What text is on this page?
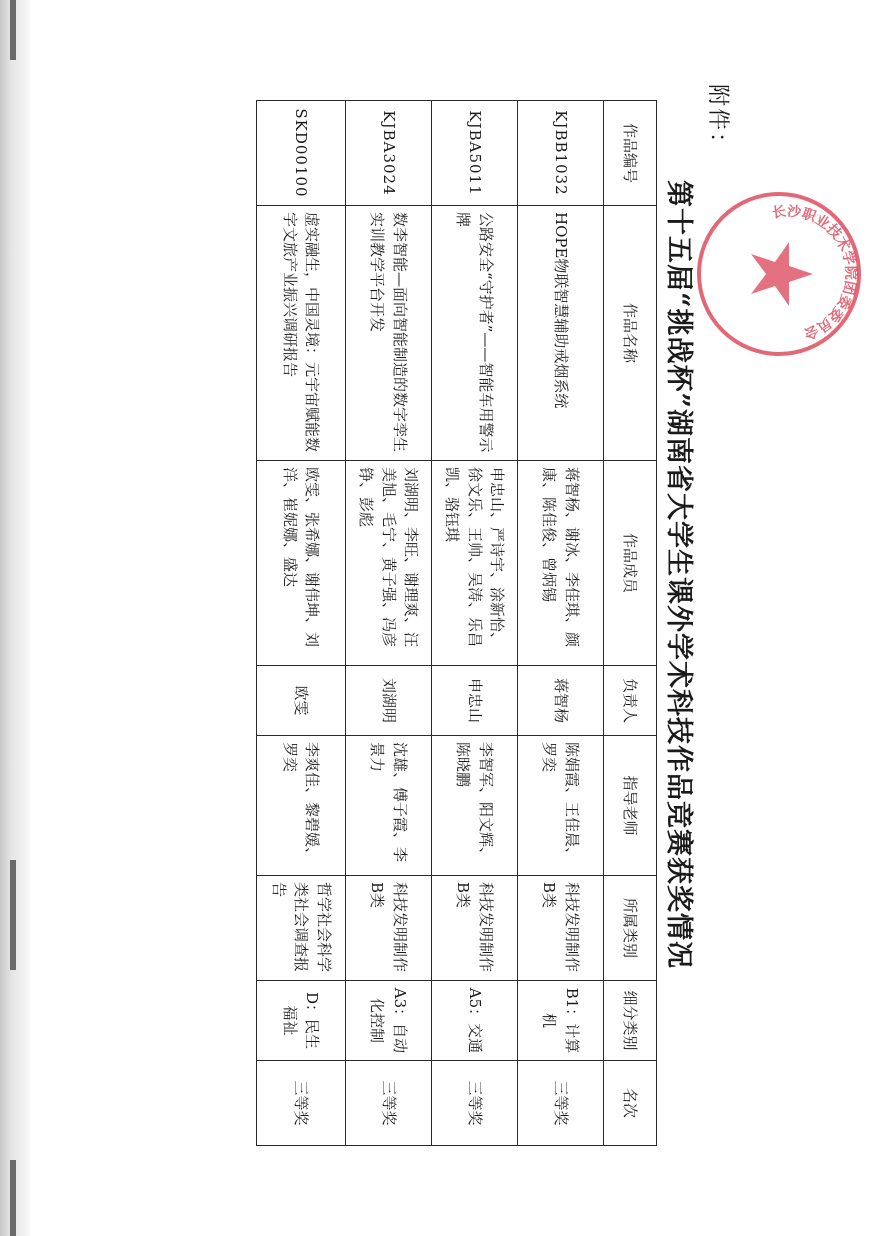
附件：
第十五届“挑战杯”湖南省大学生课外学术科技作品竞赛获奖情况
作品编号	作品名称	作品成员	负责人	指导老师	所属类别	细分类别	名次
KJBB1032	HOPE物联智慧辅助戒烟系统	蒋智杨、谢冰、李佳琪、颜康、陈佳俊、曾炳锡	蒋智杨	陈娟霞、王佳晨、罗奕	科技发明制作B类	B1：计算机	三等奖
KJBA5011	公路安全“守护者”——智能车用警示牌	申忠山、严诗宇、涂新怡、徐文乐、王帅、吴涛、乐昌凯、骆钰琪	申忠山	李智军、阳文辉、陈晓鹏	科技发明制作B类	A5：交通	三等奖
KJBA3024	数李智能—面向智能制造的数字孪生实训教学平台开发	刘湖明、李旺、谢理爽、汪美旭、毛宁、黄子强、冯彦铮、彭彪	刘湖明	沈雄、傅子霞、李景力	科技发明制作B类	A3：自动化控制	三等奖
SKD00100	虚实融生，中国灵境：元宇宙赋能数字文旅产业振兴调研报告	欧雯、张希娜、谢伟坤、刘洋、崔妮娜、盛达	欧雯	李爽佳、黎碧媛、罗奕	哲学社会科学类社会调查报告	D：民生福祉	三等奖
长沙职业技术学院团委委员会
